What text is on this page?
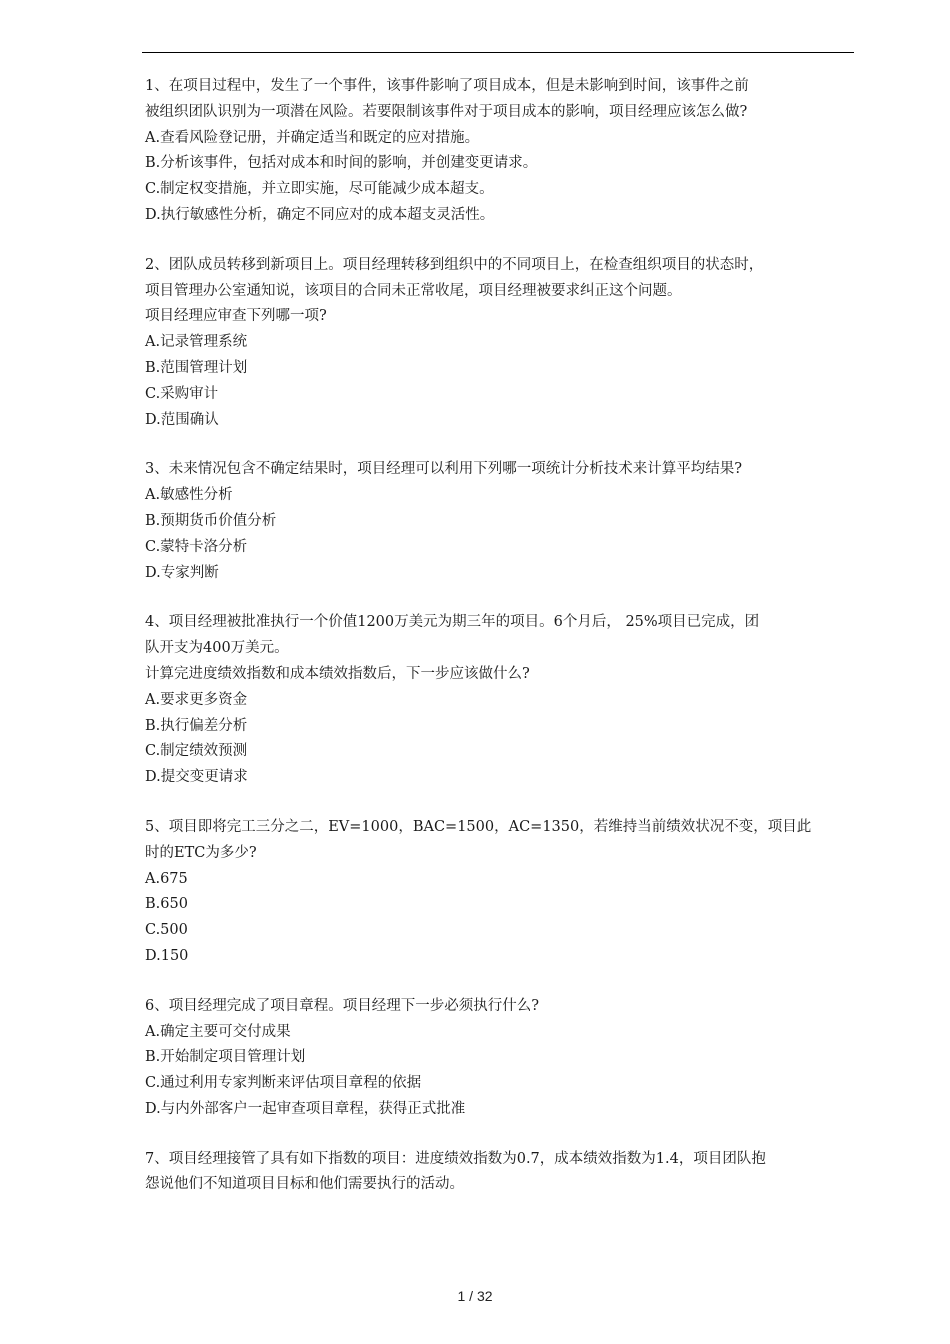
1、在项目过程中，发生了一个事件，该事件影响了项目成本，但是未影响到时间，该事件之前
被组织团队识别为一项潜在风险。若要限制该事件对于项目成本的影响，项目经理应该怎么做?
A.查看风险登记册，并确定适当和既定的应对措施。
B.分析该事件，包括对成本和时间的影响，并创建变更请求。
C.制定权变措施，并立即实施，尽可能减少成本超支。
D.执行敏感性分析，确定不同应对的成本超支灵活性。
2、团队成员转移到新项目上。项目经理转移到组织中的不同项目上，在检查组织项目的状态时，
项目管理办公室通知说，该项目的合同未正常收尾，项目经理被要求纠正这个问题。
项目经理应审查下列哪一项?
A.记录管理系统
B.范围管理计划
C.采购审计
D.范围确认
3、未来情况包含不确定结果时，项目经理可以利用下列哪一项统计分析技术来计算平均结果?
A.敏感性分析
B.预期货币价值分析
C.蒙特卡洛分析
D.专家判断
4、项目经理被批准执行一个价值1200万美元为期三年的项目。6个月后， 25%项目已完成，团
队开支为400万美元。
计算完进度绩效指数和成本绩效指数后，下一步应该做什么?
A.要求更多资金
B.执行偏差分析
C.制定绩效预测
D.提交变更请求
5、项目即将完工三分之二，EV=1000，BAC=1500，AC=1350，若维持当前绩效状况不变，项目此
时的ETC为多少?
A.675
B.650
C.500
D.150
6、项目经理完成了项目章程。项目经理下一步必须执行什么?
A.确定主要可交付成果
B.开始制定项目管理计划
C.通过利用专家判断来评估项目章程的依据
D.与内外部客户一起审查项目章程，获得正式批准
7、项目经理接管了具有如下指数的项目：进度绩效指数为0.7，成本绩效指数为1.4，项目团队抱
怨说他们不知道项目目标和他们需要执行的活动。
1 / 32
